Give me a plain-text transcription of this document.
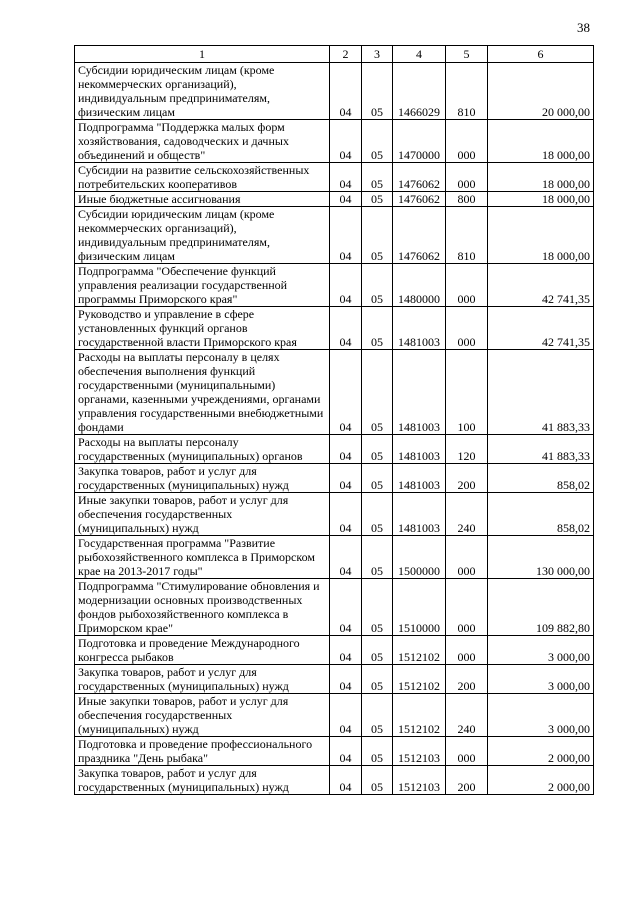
38
1	2	3	4	5	6
Субсидии юридическим лицам (кроме некоммерческих организаций), индивидуальным предпринимателям, физическим лицам	04	05	1466029	810	20 000,00
Подпрограмма "Поддержка малых форм хозяйствования, садоводческих и дачных объединений и обществ"	04	05	1470000	000	18 000,00
Субсидии на развитие сельскохозяйственных потребительских кооперативов	04	05	1476062	000	18 000,00
Иные бюджетные ассигнования	04	05	1476062	800	18 000,00
Субсидии юридическим лицам (кроме некоммерческих организаций), индивидуальным предпринимателям, физическим лицам	04	05	1476062	810	18 000,00
Подпрограмма "Обеспечение функций управления реализации государственной программы Приморского края"	04	05	1480000	000	42 741,35
Руководство и управление в сфере установленных функций органов государственной власти Приморского края	04	05	1481003	000	42 741,35
Расходы на выплаты персоналу в целях обеспечения выполнения функций государственными (муниципальными) органами, казенными учреждениями, органами управления государственными внебюджетными фондами	04	05	1481003	100	41 883,33
Расходы на выплаты персоналу государственных (муниципальных) органов	04	05	1481003	120	41 883,33
Закупка товаров, работ и услуг для государственных (муниципальных) нужд	04	05	1481003	200	858,02
Иные закупки товаров, работ и услуг для обеспечения государственных (муниципальных) нужд	04	05	1481003	240	858,02
Государственная программа "Развитие рыбохозяйственного комплекса в Приморском крае на 2013-2017 годы"	04	05	1500000	000	130 000,00
Подпрограмма "Стимулирование обновления и модернизации основных производственных фондов рыбохозяйственного комплекса в Приморском крае"	04	05	1510000	000	109 882,80
Подготовка и проведение Международного конгресса рыбаков	04	05	1512102	000	3 000,00
Закупка товаров, работ и услуг для государственных (муниципальных) нужд	04	05	1512102	200	3 000,00
Иные закупки товаров, работ и услуг для обеспечения государственных (муниципальных) нужд	04	05	1512102	240	3 000,00
Подготовка и проведение профессионального праздника "День рыбака"	04	05	1512103	000	2 000,00
Закупка товаров, работ и услуг для государственных (муниципальных) нужд	04	05	1512103	200	2 000,00
